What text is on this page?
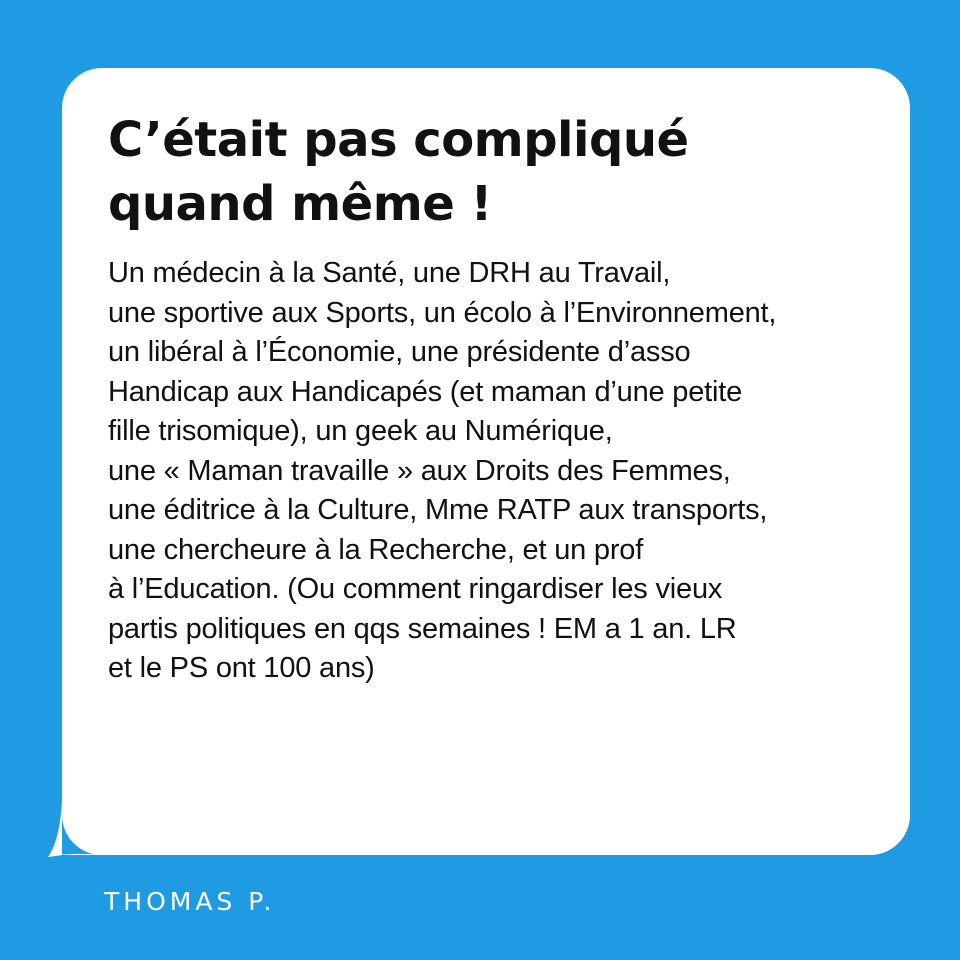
C’était pas compliqué
quand même !

Un médecin à la Santé, une DRH au Travail,
une sportive aux Sports, un écolo à l’Environnement,
un libéral à l’Économie, une présidente d’asso
Handicap aux Handicapés (et maman d’une petite
fille trisomique), un geek au Numérique,
une « Maman travaille » aux Droits des Femmes,
une éditrice à la Culture, Mme RATP aux transports,
une chercheure à la Recherche, et un prof
à l’Education. (Ou comment ringardiser les vieux
partis politiques en qqs semaines ! EM a 1 an. LR
et le PS ont 100 ans)

THOMAS P.
